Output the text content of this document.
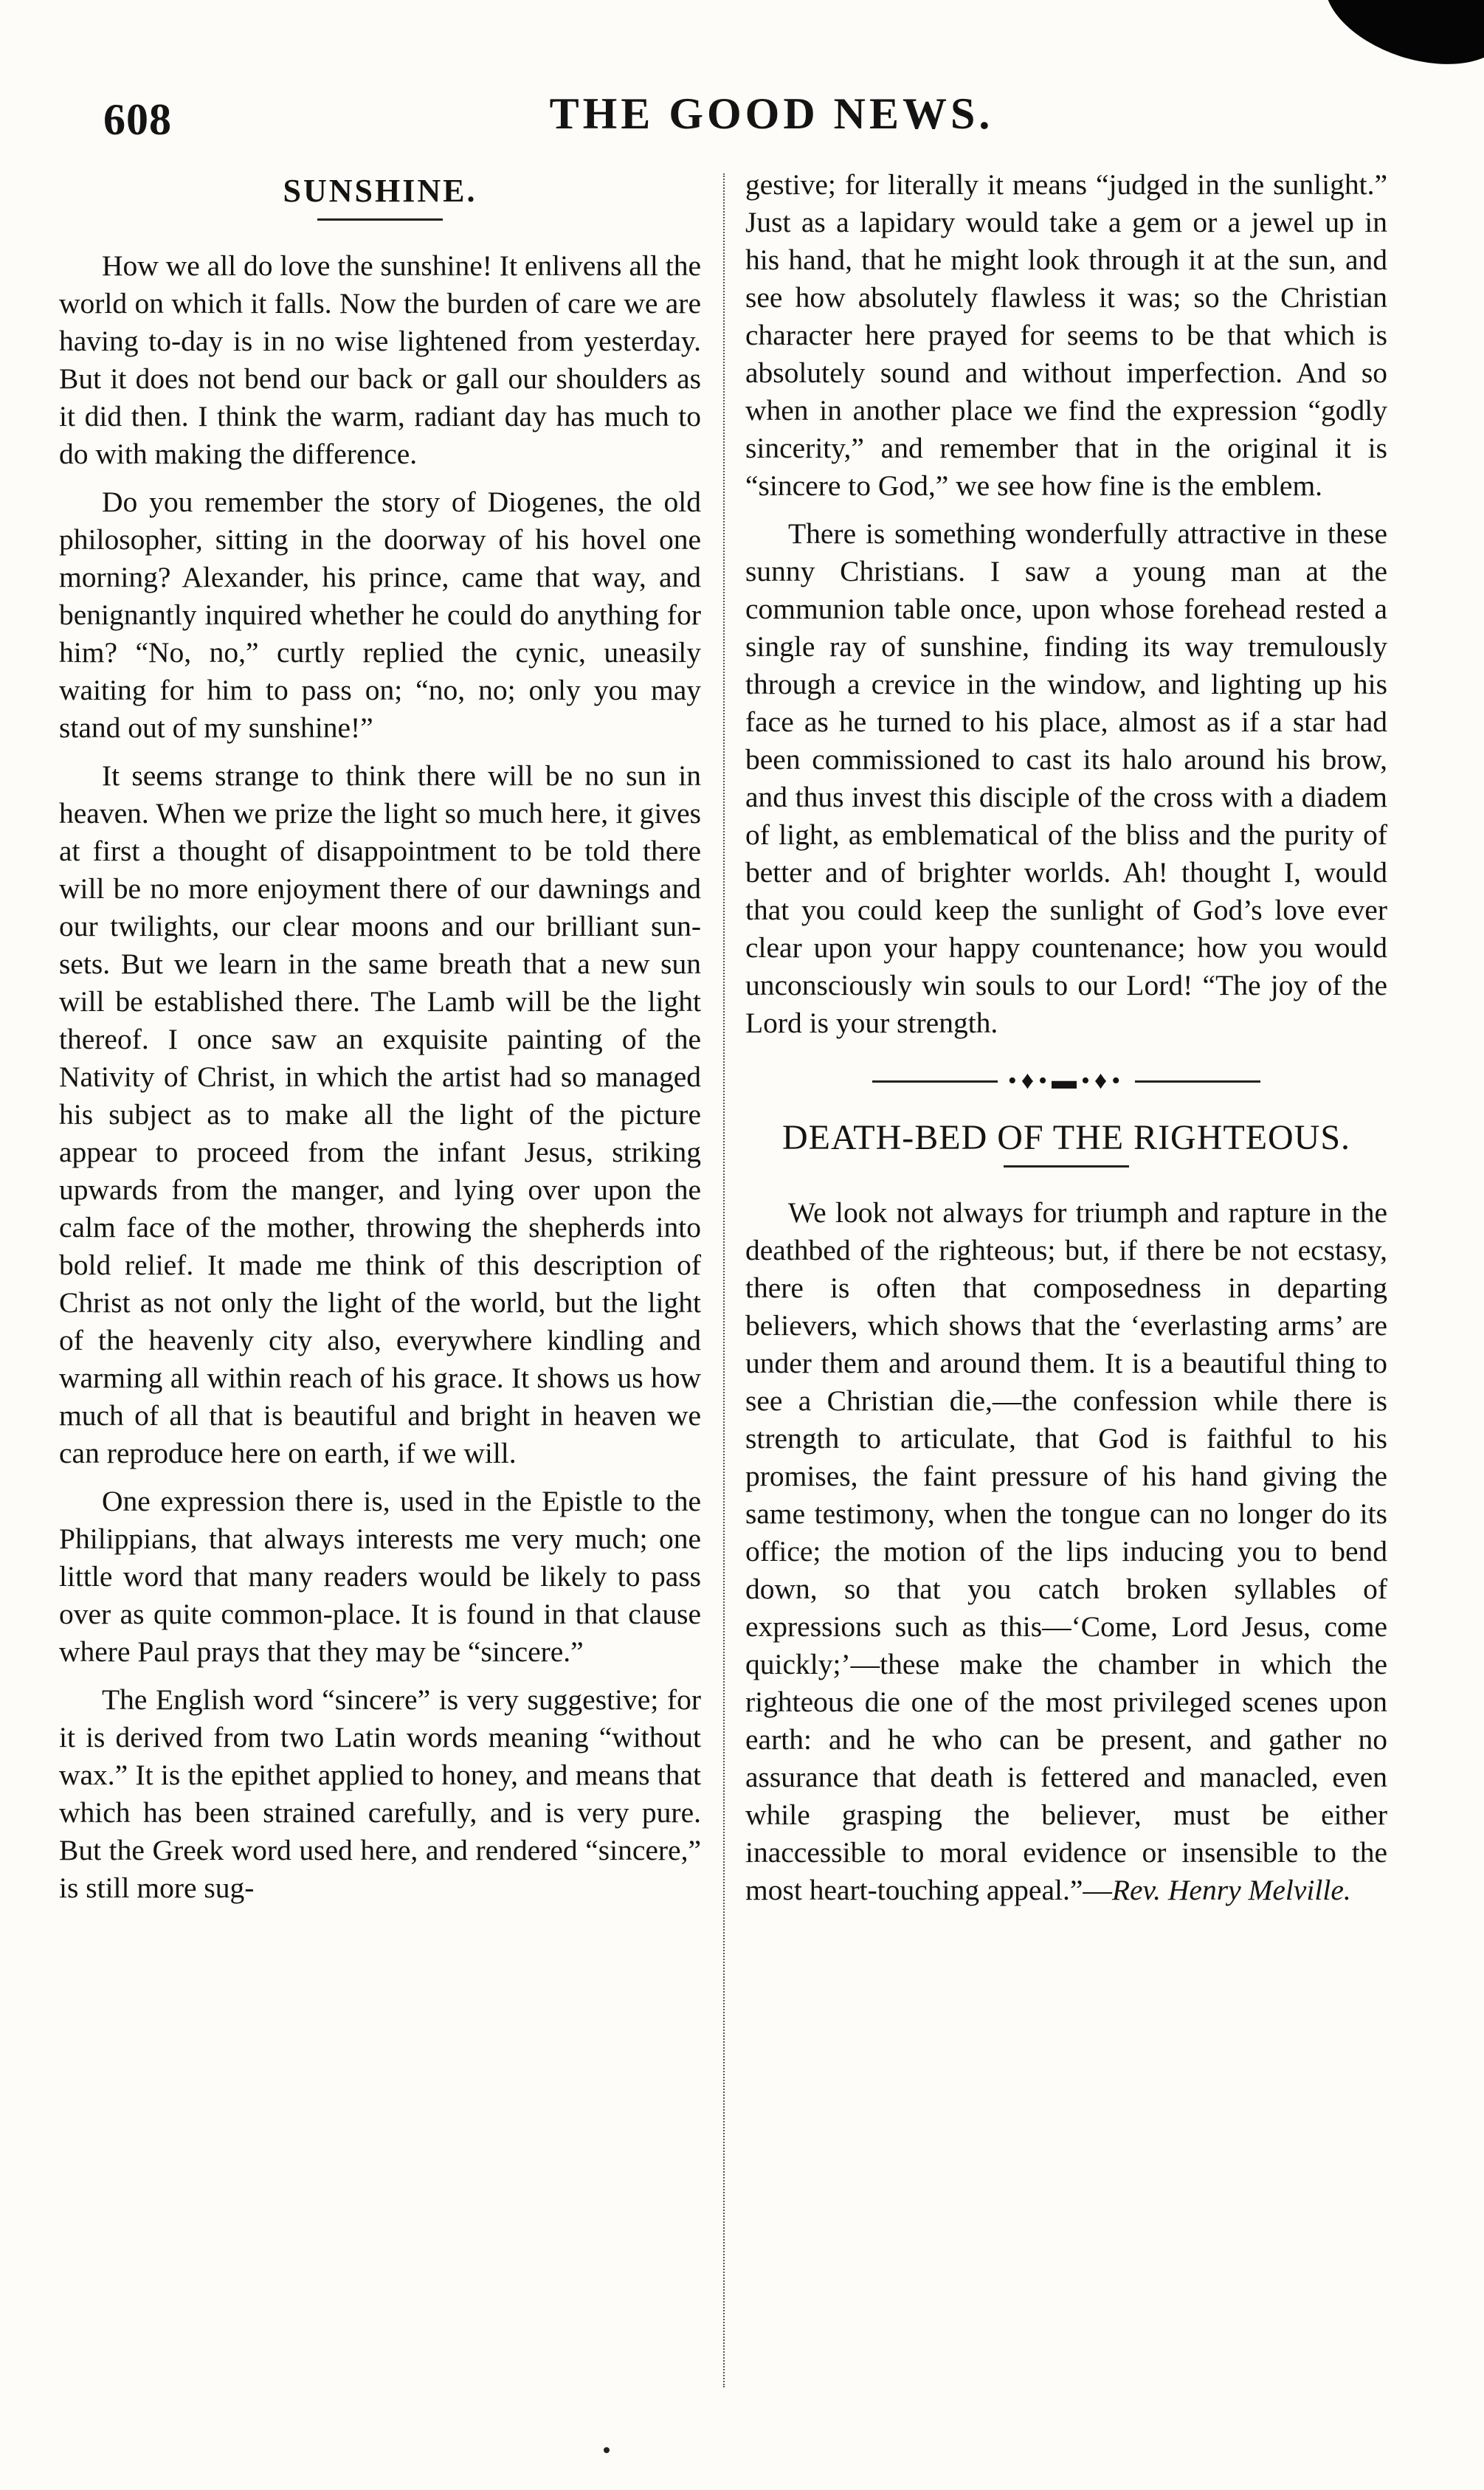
608	THE GOOD NEWS.
SUNSHINE.

How we all do love the sunshine! It enlivens all the world on which it falls. Now the burden of care we are having to-day is in no wise lightened from yesterday. But it does not bend our back or gall our shoulders as it did then. I think the warm, radiant day has much to do with making the difference.

Do you remember the story of Diogenes, the old philosopher, sitting in the doorway of his hovel one morning? Alexander, his prince, came that way, and benignantly inquired whether he could do anything for him? “No, no,” curtly replied the cynic, uneasily waiting for him to pass on; “no, no; only you may stand out of my sunshine!”

It seems strange to think there will be no sun in heaven. When we prize the light so much here, it gives at first a thought of disappointment to be told there will be no more enjoyment there of our dawnings and our twilights, our clear moons and our brilliant sun-sets. But we learn in the same breath that a new sun will be established there. The Lamb will be the light thereof. I once saw an exquisite painting of the Nativity of Christ, in which the artist had so managed his subject as to make all the light of the picture appear to proceed from the infant Jesus, striking upwards from the manger, and lying over upon the calm face of the mother, throwing the shepherds into bold relief. It made me think of this description of Christ as not only the light of the world, but the light of the heavenly city also, everywhere kindling and warming all within reach of his grace. It shows us how much of all that is beautiful and bright in heaven we can reproduce here on earth, if we will.

One expression there is, used in the Epistle to the Philippians, that always interests me very much; one little word that many readers would be likely to pass over as quite common-place. It is found in that clause where Paul prays that they may be “sincere.”

The English word “sincere” is very suggestive; for it is derived from two Latin words meaning “without wax.” It is the epithet applied to honey, and means that which has been strained carefully, and is very pure. But the Greek word used here, and rendered “sincere,” is still more sug-

gestive; for literally it means “judged in the sunlight.” Just as a lapidary would take a gem or a jewel up in his hand, that he might look through it at the sun, and see how absolutely flawless it was; so the Christian character here prayed for seems to be that which is absolutely sound and without imperfection. And so when in another place we find the expression “godly sincerity,” and remember that in the original it is “sincere to God,” we see how fine is the emblem.

There is something wonderfully attractive in these sunny Christians. I saw a young man at the communion table once, upon whose forehead rested a single ray of sunshine, finding its way tremulously through a crevice in the window, and lighting up his face as he turned to his place, almost as if a star had been commissioned to cast its halo around his brow, and thus invest this disciple of the cross with a diadem of light, as emblematical of the bliss and the purity of better and of brighter worlds. Ah! thought I, would that you could keep the sunlight of God’s love ever clear upon your happy countenance; how you would unconsciously win souls to our Lord! “The joy of the Lord is your strength.

•♦•▬•♦•
DEATH-BED OF THE RIGHTEOUS.

We look not always for triumph and rapture in the deathbed of the righteous; but, if there be not ecstasy, there is often that composedness in departing believers, which shows that the ‘everlasting arms’ are under them and around them. It is a beautiful thing to see a Christian die,—the confession while there is strength to articulate, that God is faithful to his promises, the faint pressure of his hand giving the same testimony, when the tongue can no longer do its office; the motion of the lips inducing you to bend down, so that you catch broken syllables of expressions such as this—‘Come, Lord Jesus, come quickly;’—these make the chamber in which the righteous die one of the most privileged scenes upon earth: and he who can be present, and gather no assurance that death is fettered and manacled, even while grasping the believer, must be either inaccessible to moral evidence or insensible to the most heart-touching appeal.”—Rev. Henry Melville.
